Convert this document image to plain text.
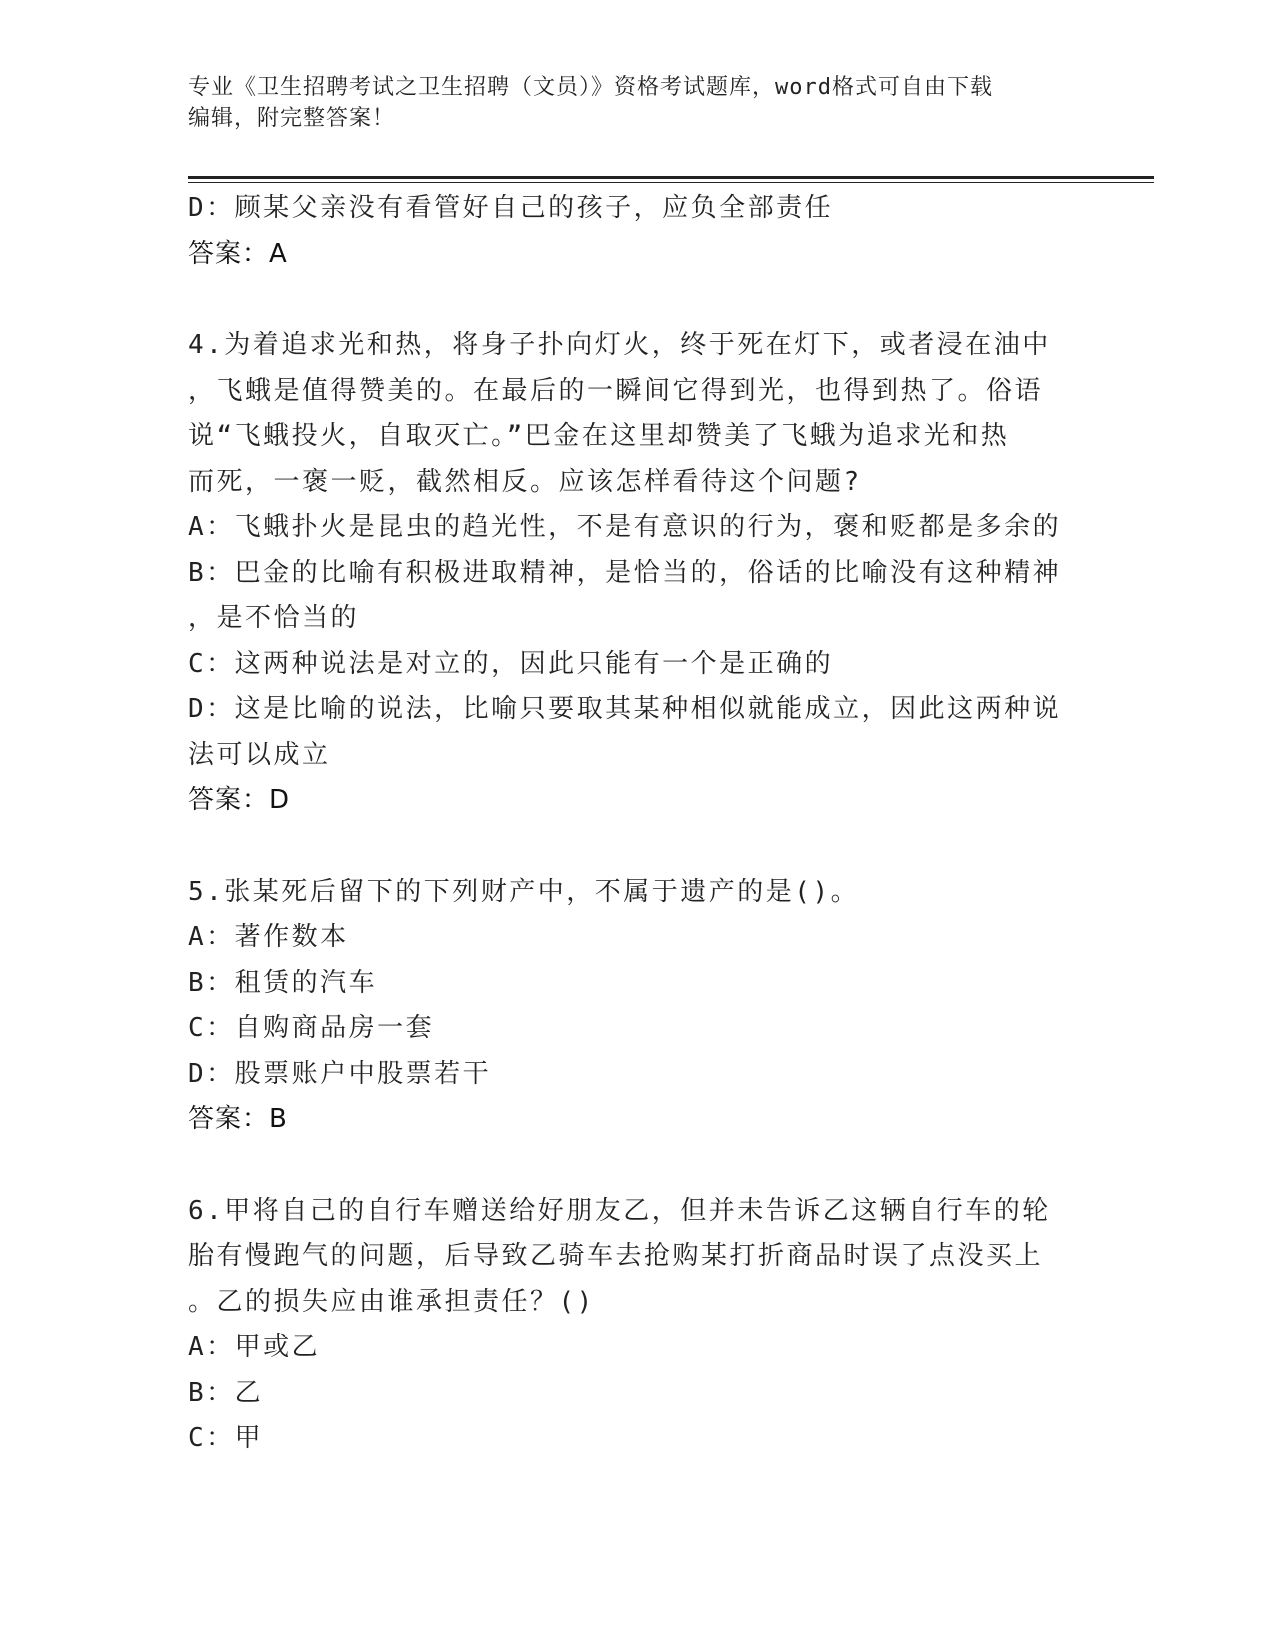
专业《卫生招聘考试之卫生招聘（文员）》资格考试题库，word格式可自由下载
编辑，附完整答案！
D：顾某父亲没有看管好自己的孩子，应负全部责任
答案：A
4.为着追求光和热，将身子扑向灯火，终于死在灯下，或者浸在油中
，飞蛾是值得赞美的。在最后的一瞬间它得到光，也得到热了。俗语
说“飞蛾投火，自取灭亡。”巴金在这里却赞美了飞蛾为追求光和热
而死，一褒一贬，截然相反。应该怎样看待这个问题?
A：飞蛾扑火是昆虫的趋光性，不是有意识的行为，褒和贬都是多余的
B：巴金的比喻有积极进取精神，是恰当的，俗话的比喻没有这种精神
，是不恰当的
C：这两种说法是对立的，因此只能有一个是正确的
D：这是比喻的说法，比喻只要取其某种相似就能成立，因此这两种说
法可以成立
答案：D
5.张某死后留下的下列财产中，不属于遗产的是()。
A：著作数本
B：租赁的汽车
C：自购商品房一套
D：股票账户中股票若干
答案：B
6.甲将自己的自行车赠送给好朋友乙，但并未告诉乙这辆自行车的轮
胎有慢跑气的问题，后导致乙骑车去抢购某打折商品时误了点没买上
。乙的损失应由谁承担责任？()
A：甲或乙
B：乙
C：甲
